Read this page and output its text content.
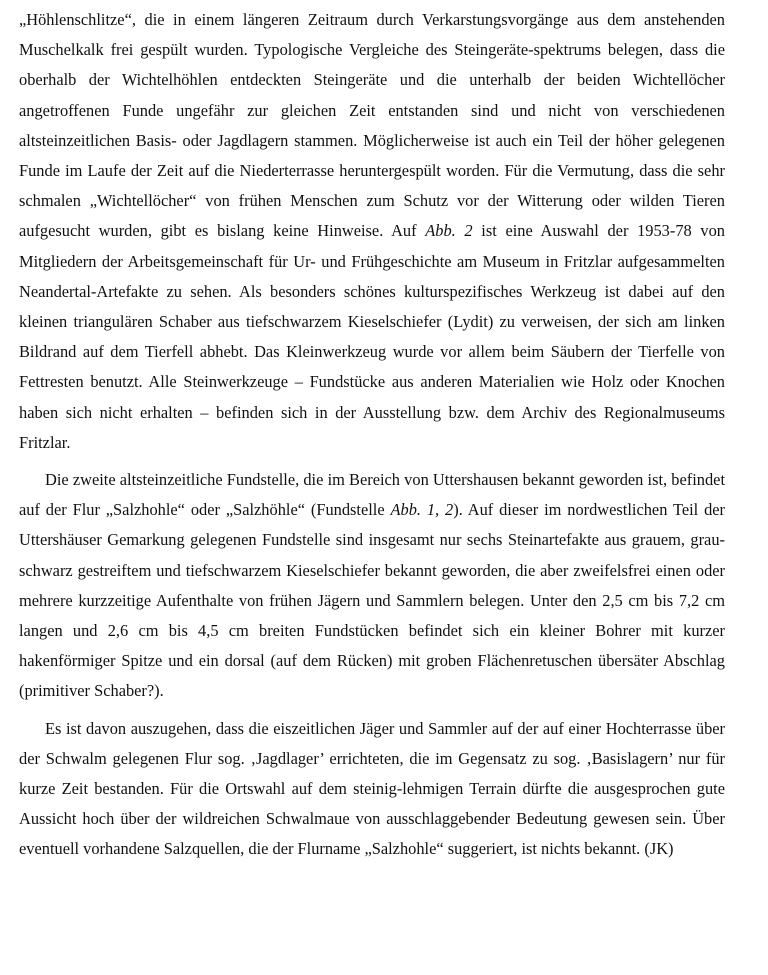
„Höhlenschlitze“, die in einem längeren Zeitraum durch Verkarstungsvorgänge aus dem anstehenden Muschelkalk frei gespült wurden. Typologische Vergleiche des Steingeräte-spektrums belegen, dass die oberhalb der Wichtelhöhlen entdeckten Steingeräte und die unterhalb der beiden Wichtellöcher angetroffenen Funde ungefähr zur gleichen Zeit entstanden sind und nicht von verschiedenen altsteinzeitlichen Basis- oder Jagdlagern stammen. Möglicherweise ist auch ein Teil der höher gelegenen Funde im Laufe der Zeit auf die Niederterrasse heruntergespült worden. Für die Vermutung, dass die sehr schmalen „Wichtellöcher“ von frühen Menschen zum Schutz vor der Witterung oder wilden Tieren aufgesucht wurden, gibt es bislang keine Hinweise. Auf Abb. 2 ist eine Auswahl der 1953-78 von Mitgliedern der Arbeitsgemeinschaft für Ur- und Frühgeschichte am Museum in Fritzlar aufgesammelten Neandertal-Artefakte zu sehen. Als besonders schönes kulturspezifisches Werkzeug ist dabei auf den kleinen triangulären Schaber aus tiefschwarzem Kieselschiefer (Lydit) zu verweisen, der sich am linken Bildrand auf dem Tierfell abhebt. Das Kleinwerkzeug wurde vor allem beim Säubern der Tierfelle von Fettresten benutzt. Alle Steinwerkzeuge – Fundstücke aus anderen Materialien wie Holz oder Knochen haben sich nicht erhalten – befinden sich in der Ausstellung bzw. dem Archiv des Regionalmuseums Fritzlar.

Die zweite altsteinzeitliche Fundstelle, die im Bereich von Uttershausen bekannt geworden ist, befindet auf der Flur „Salzhohle“ oder „Salzhöhle“ (Fundstelle Abb. 1, 2). Auf dieser im nordwestlichen Teil der Uttershäuser Gemarkung gelegenen Fundstelle sind insgesamt nur sechs Steinartefakte aus grauem, grau-schwarz gestreiftem und tiefschwarzem Kieselschiefer bekannt geworden, die aber zweifelsfrei einen oder mehrere kurzzeitige Aufenthalte von frühen Jägern und Sammlern belegen. Unter den 2,5 cm bis 7,2 cm langen und 2,6 cm bis 4,5 cm breiten Fundstücken befindet sich ein kleiner Bohrer mit kurzer hakenförmiger Spitze und ein dorsal (auf dem Rücken) mit groben Flächenretuschen übersäter Abschlag (primitiver Schaber?).

Es ist davon auszugehen, dass die eiszeitlichen Jäger und Sammler auf der auf einer Hochterrasse über der Schwalm gelegenen Flur sog. ‚Jagdlager’ errichteten, die im Gegensatz zu sog. ‚Basislagern’ nur für kurze Zeit bestanden. Für die Ortswahl auf dem steinig-lehmigen Terrain dürfte die ausgesprochen gute Aussicht hoch über der wildreichen Schwalmaue von ausschlaggebender Bedeutung gewesen sein. Über eventuell vorhandene Salzquellen, die der Flurname „Salzhohle“ suggeriert, ist nichts bekannt. (JK)
